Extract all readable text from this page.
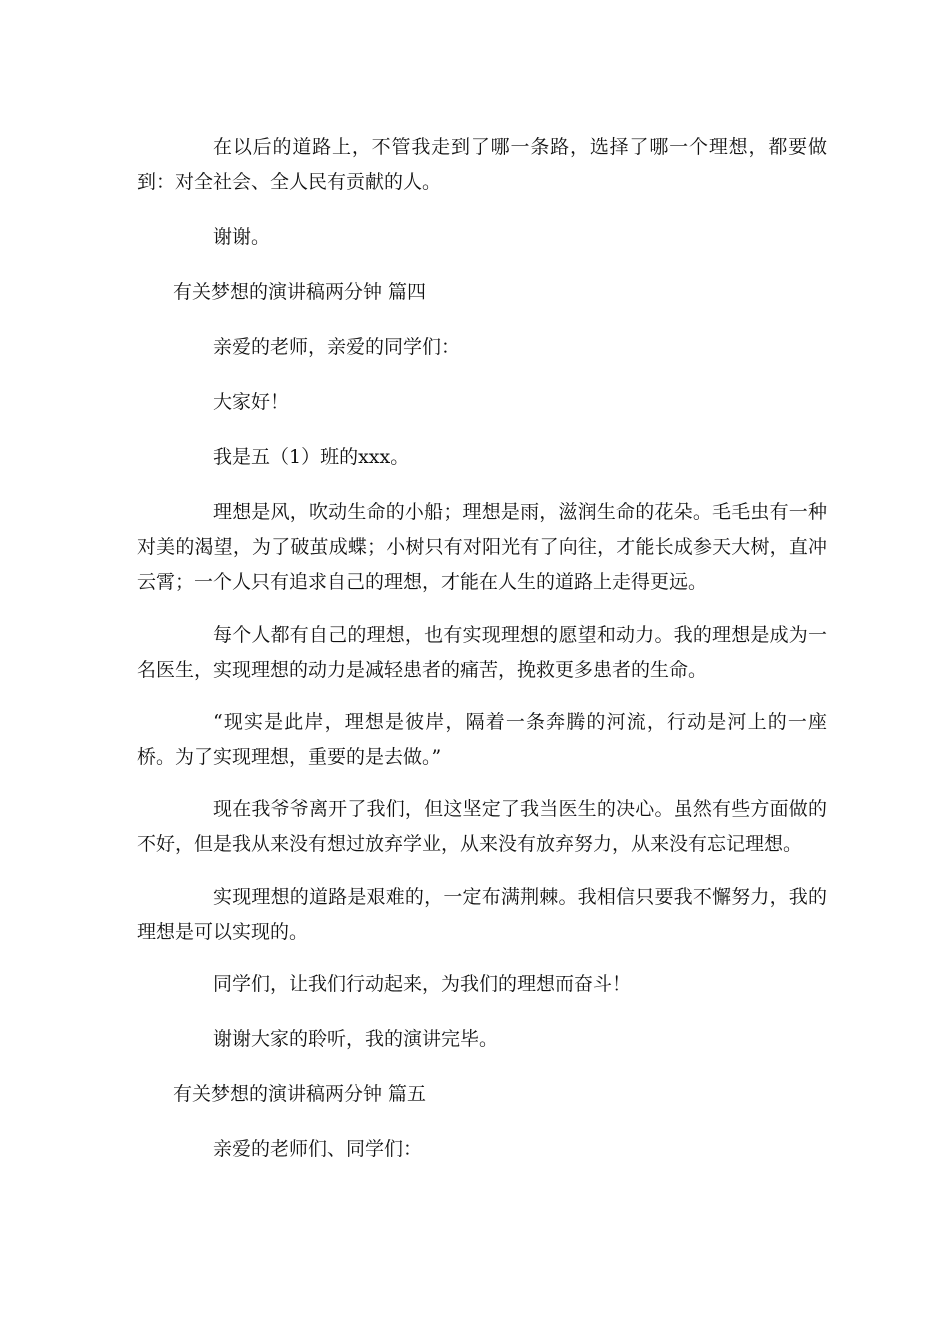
在以后的道路上，不管我走到了哪一条路，选择了哪一个理想，都要做到：对全社会、全人民有贡献的人。

谢谢。

有关梦想的演讲稿两分钟 篇四

亲爱的老师，亲爱的同学们：

大家好！

我是五（1）班的xxx。

理想是风，吹动生命的小船；理想是雨，滋润生命的花朵。毛毛虫有一种对美的渴望，为了破茧成蝶；小树只有对阳光有了向往，才能长成参天大树，直冲云霄；一个人只有追求自己的理想，才能在人生的道路上走得更远。

每个人都有自己的理想，也有实现理想的愿望和动力。我的理想是成为一名医生，实现理想的动力是减轻患者的痛苦，挽救更多患者的生命。

“现实是此岸，理想是彼岸，隔着一条奔腾的河流，行动是河上的一座桥。为了实现理想，重要的是去做。”

现在我爷爷离开了我们，但这坚定了我当医生的决心。虽然有些方面做的不好，但是我从来没有想过放弃学业，从来没有放弃努力，从来没有忘记理想。

实现理想的道路是艰难的，一定布满荆棘。我相信只要我不懈努力，我的理想是可以实现的。

同学们，让我们行动起来，为我们的理想而奋斗！

谢谢大家的聆听，我的演讲完毕。

有关梦想的演讲稿两分钟 篇五

亲爱的老师们、同学们：
